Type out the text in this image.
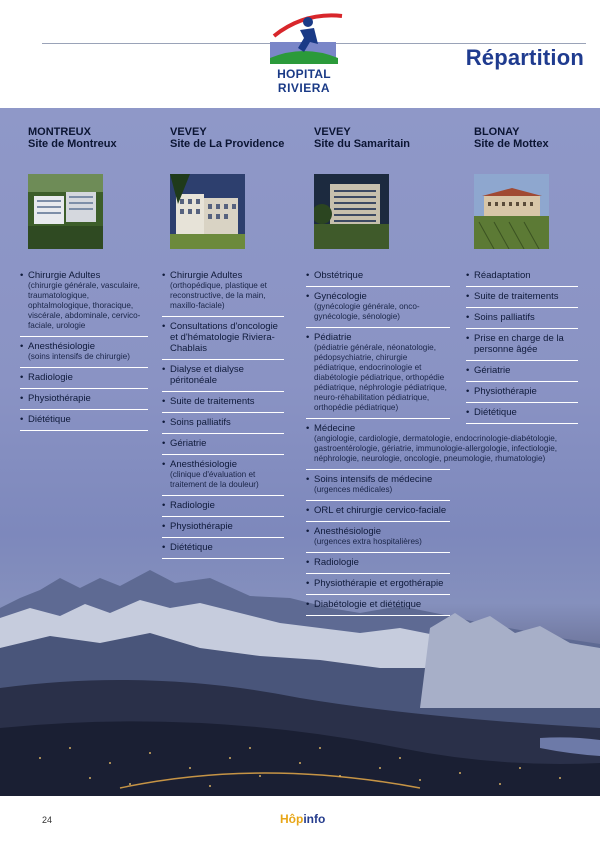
HOPITAL
RIVIERA
Répartition
MONTREUX
Site de Montreux
• Chirurgie Adultes
(chirurgie générale, vasculaire, traumatologique, ophtalmologique, thoracique, viscérale, abdominale, cervico-faciale, urologie
• Anesthésiologie
(soins intensifs de chirurgie)
• Radiologie
• Physiothérapie
• Diététique
VEVEY
Site de La Providence
• Chirurgie Adultes
(orthopédique, plastique et reconstructive, de la main, maxillo-faciale)
• Consultations d'oncologie et d'hématologie Riviera-Chablais
• Dialyse et dialyse péritonéale
• Suite de traitements
• Soins palliatifs
• Gériatrie
• Anesthésiologie
(clinique d'évaluation et traitement de la douleur)
• Radiologie
• Physiothérapie
• Diététique
VEVEY
Site du Samaritain
• Obstétrique
• Gynécologie
(gynécologie générale, onco-gynécologie, sénologie)
• Pédiatrie
(pédiatrie générale, néonatologie, pédopsychiatrie, chirurgie pédiatrique, endocrinologie et diabétologie pédiatrique, orthopédie pédiatrique, néphrologie pédiatrique, neuro-réhabilitation pédiatrique, orthopédie pédiatrique)
• Médecine
(angiologie, cardiologie, dermatologie, endocrinologie-diabétologie, gastroentérologie, gériatrie, immunologie-allergologie, infectiologie, néphrologie, neurologie, oncologie, pneumologie, rhumatologie)
• Soins intensifs de médecine
(urgences médicales)
• ORL et chirurgie cervico-faciale
• Anesthésiologie
(urgences extra hospitalières)
• Radiologie
• Physiothérapie et ergothérapie
• Diabétologie et diététique
BLONAY
Site de Mottex
• Réadaptation
• Suite de traitements
• Soins palliatifs
• Prise en charge de la personne âgée
• Gériatrie
• Physiothérapie
• Diététique
24	Hôpinfo
